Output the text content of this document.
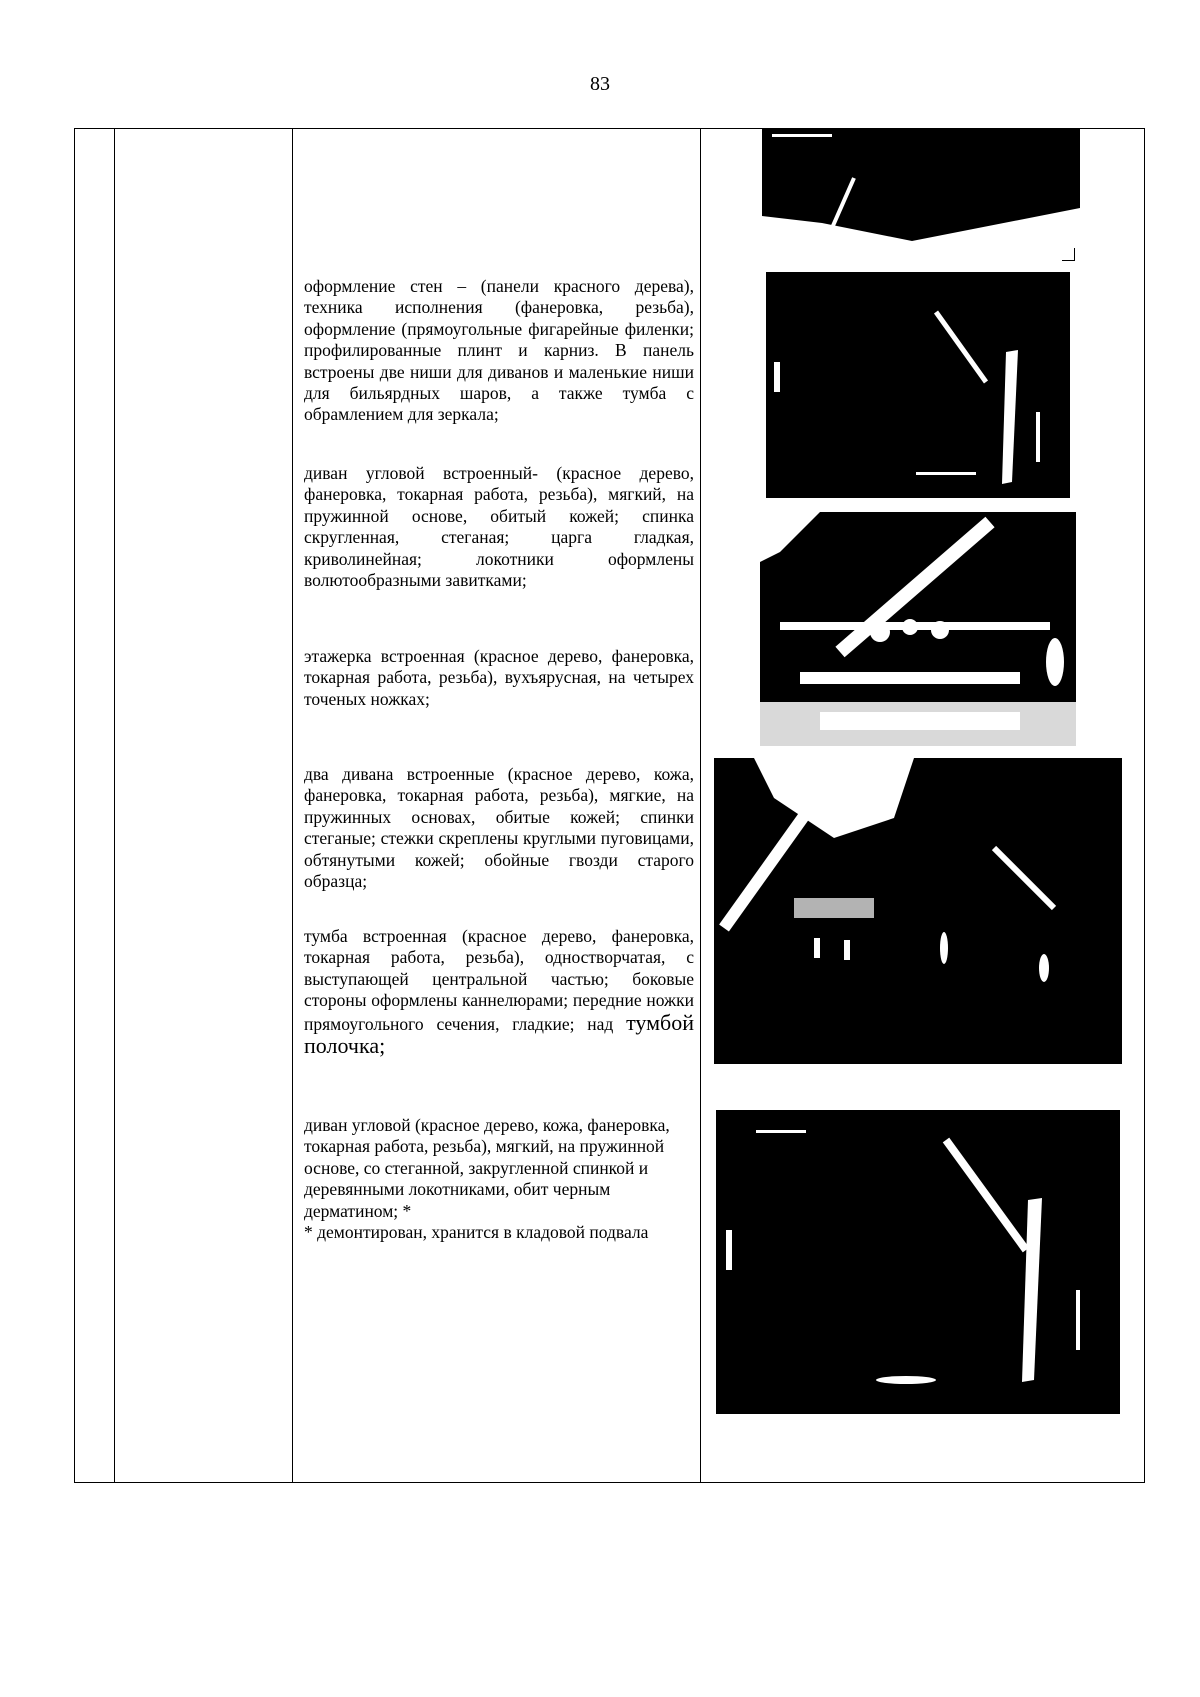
83
оформление стен – (панели красного дерева), техника исполнения (фанеровка, резьба), оформление (прямоугольные фигарейные филенки; профилированные плинт и карниз. В панель встроены две ниши для диванов и маленькие ниши для бильярдных шаров, а также тумба с обрамлением для зеркала;
диван угловой встроенный- (красное дерево, фанеровка, токарная работа, резьба), мягкий, на пружинной основе, обитый кожей; спинка скругленная, стеганая; царга гладкая, криволинейная; локотники оформлены волютообразными завитками;
этажерка встроенная (красное дерево, фанеровка, токарная работа, резьба), вухъярусная, на четырех точеных ножках;
два дивана встроенные (красное дерево, кожа, фанеровка, токарная работа, резьба), мягкие, на пружинных основах, обитые кожей; спинки стеганые; стежки скреплены круглыми пуговицами, обтянутыми кожей; обойные гвозди старого образца;
тумба встроенная (красное дерево, фанеровка, токарная работа, резьба), одностворчатая, с выступающей центральной частью; боковые стороны оформлены каннелюрами; передние ножки прямоугольного сечения, гладкие; над тумбой полочка;
диван угловой (красное дерево, кожа, фанеровка, токарная работа, резьба), мягкий, на пружинной основе, со стеганной, закругленной спинкой и деревянными локотниками, обит черным дерматином; *
* демонтирован, хранится в кладовой подвала
